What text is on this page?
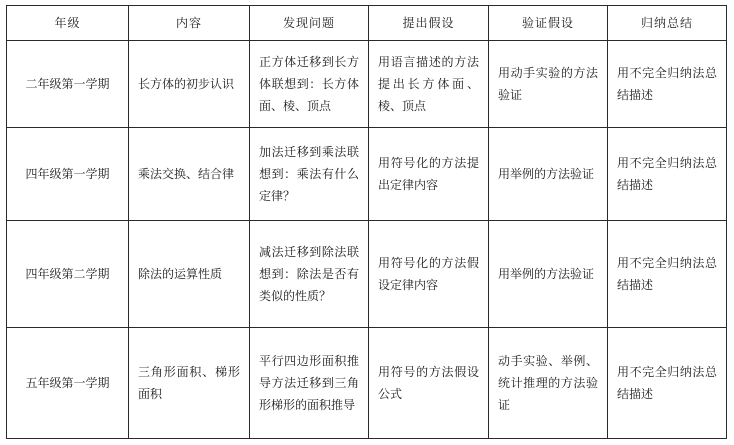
年级	内容	发现问题	提出假设	验证假设	归纳总结
二年级第一学期	长方体的初步认识	正方体迁移到长方体联想到：长方体面、棱、顶点	用语言描述的方法提出长方体面、棱、顶点	用动手实验的方法验证	用不完全归纳法总结描述
四年级第一学期	乘法交换、结合律	加法迁移到乘法联想到：乘法有什么定律？	用符号化的方法提出定律内容	用举例的方法验证	用不完全归纳法总结描述
四年级第二学期	除法的运算性质	减法迁移到除法联想到：除法是否有类似的性质？	用符号化的方法假设定律内容	用举例的方法验证	用不完全归纳法总结描述
五年级第一学期	三角形面积、梯形面积	平行四边形面积推导方法迁移到三角形梯形的面积推导	用符号的方法假设公式	动手实验、举例、统计推理的方法验证	用不完全归纳法总结描述
